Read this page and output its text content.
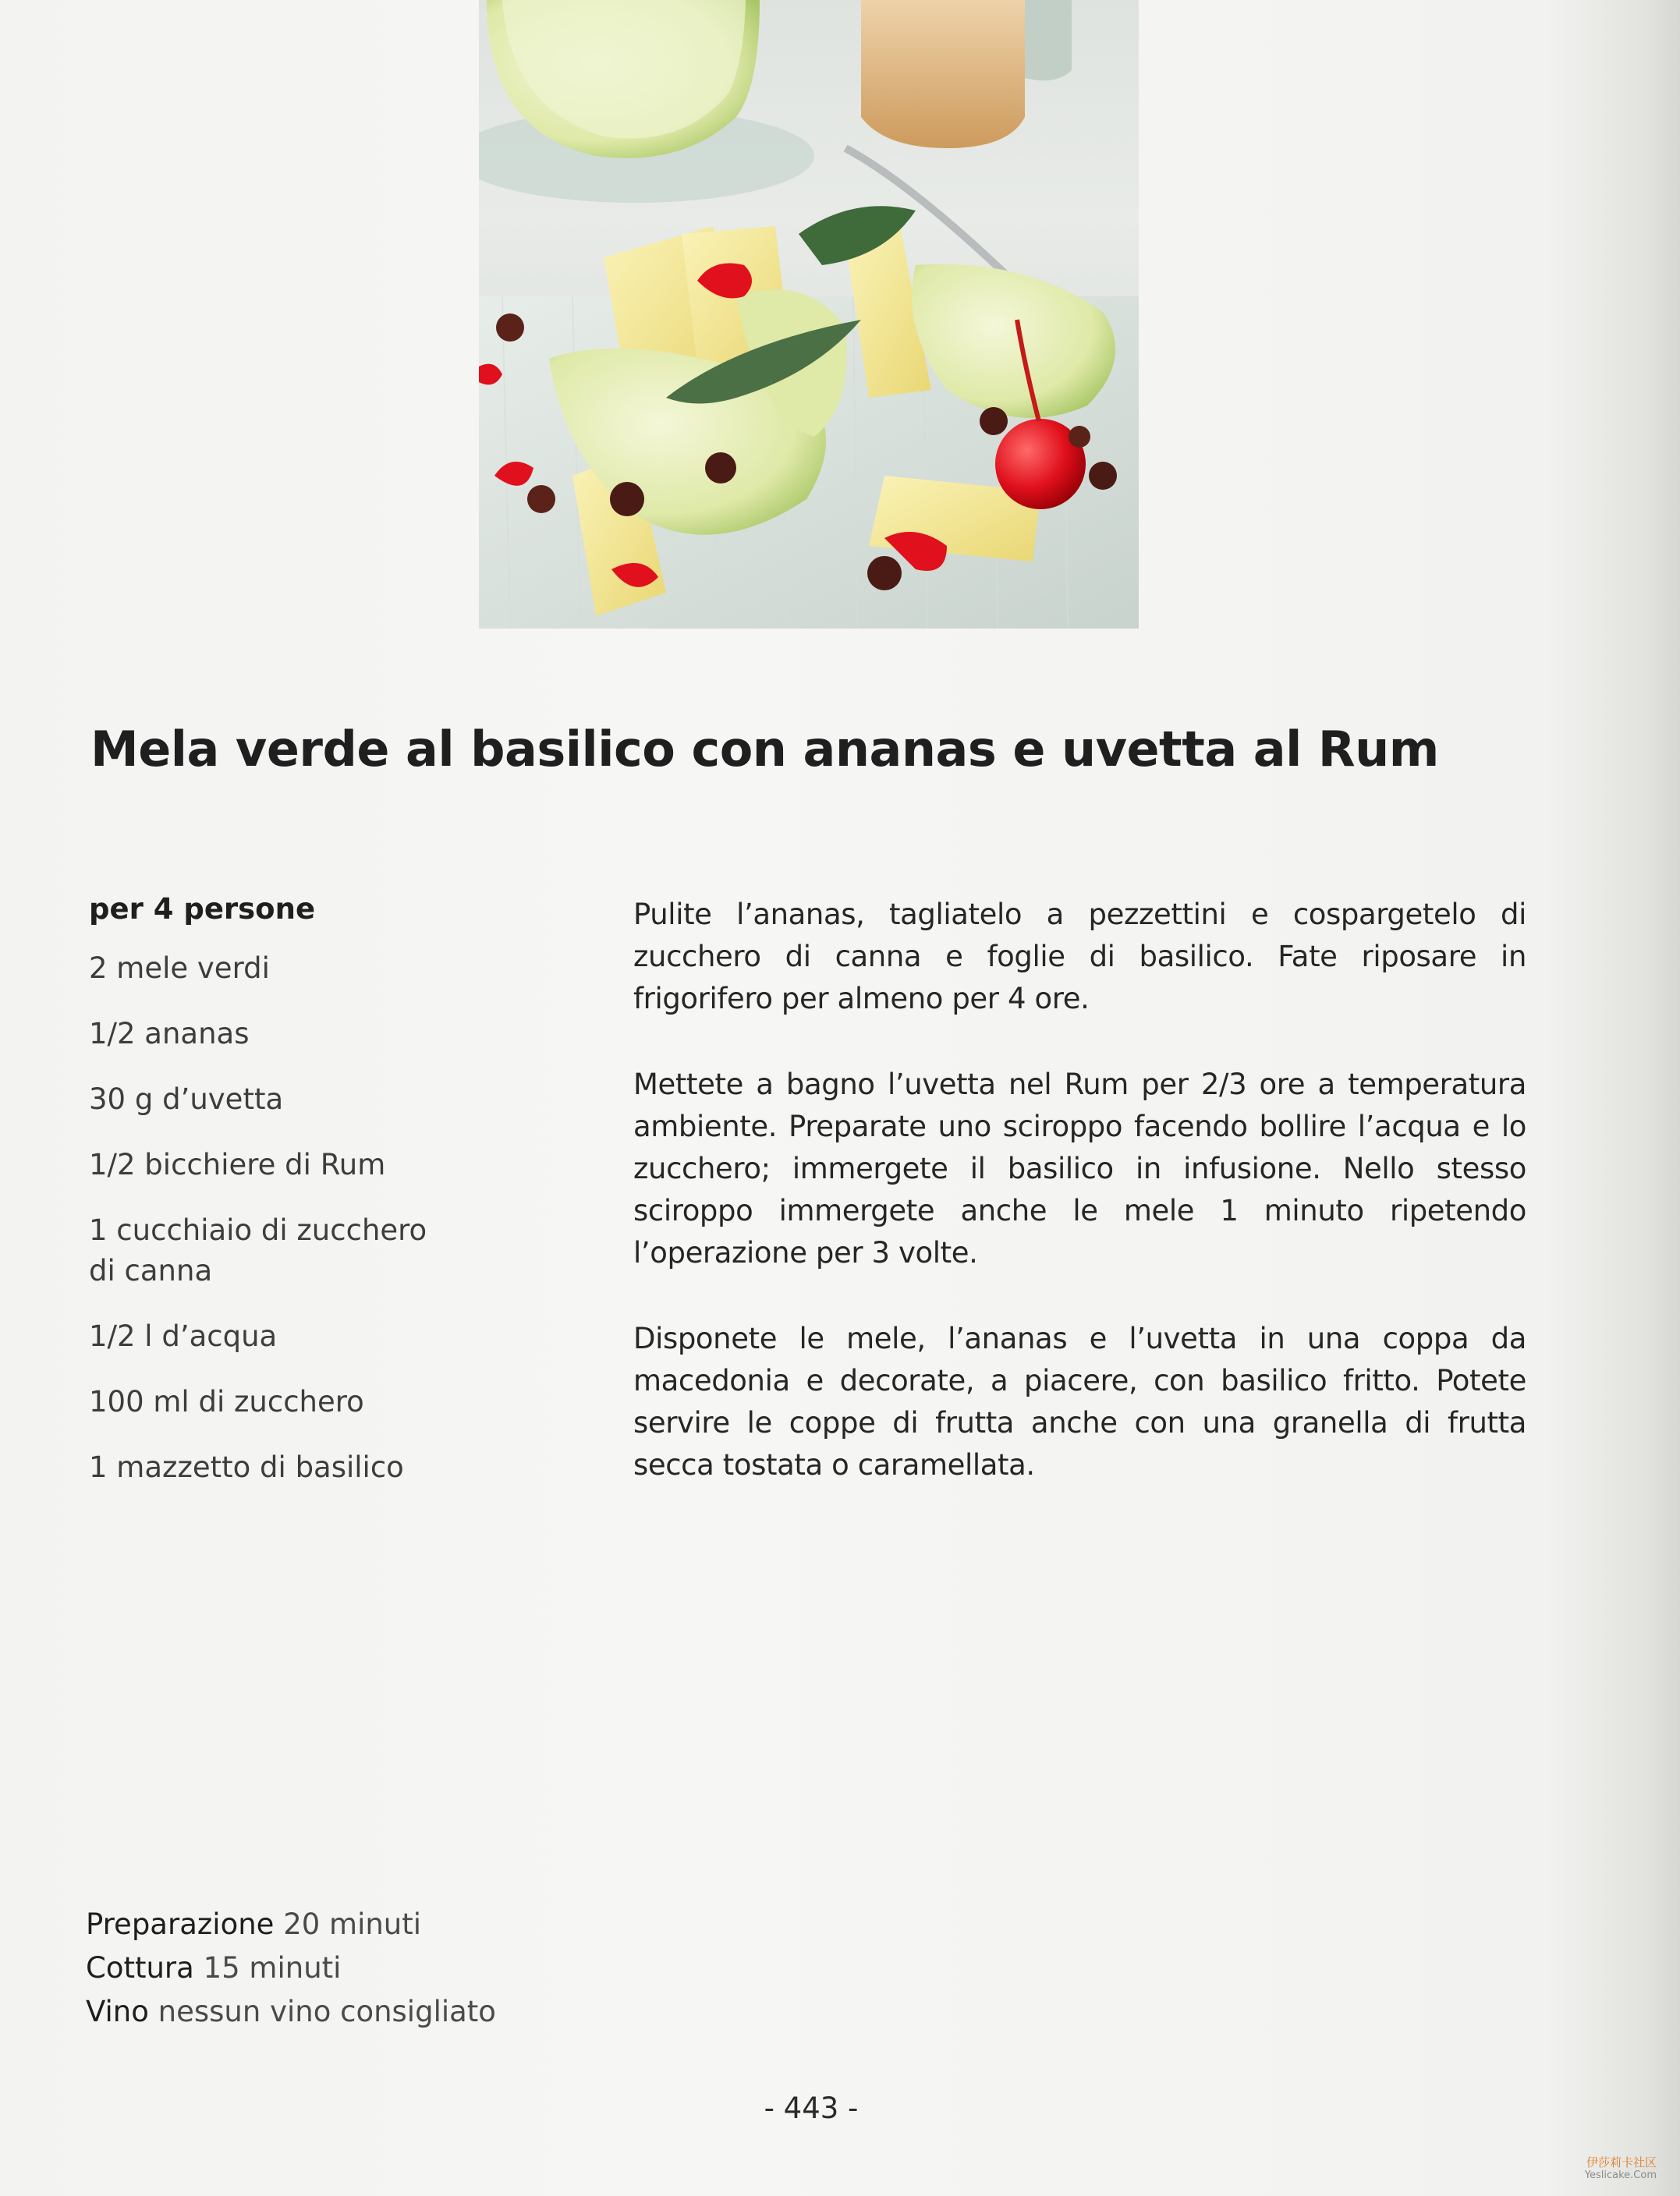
Mela verde al basilico con ananas e uvetta al Rum
per 4 persone
2 mele verdi
1/2 ananas
30 g d’uvetta
1/2 bicchiere di Rum
1 cucchiaio di zucchero di canna
1/2 l d’acqua
100 ml di zucchero
1 mazzetto di basilico

Pulite l’ananas, tagliatelo a pezzettini e cospargetelo di zucchero di canna e foglie di basilico. Fate riposare in frigorifero per almeno per 4 ore.

Mettete a bagno l’uvetta nel Rum per 2/3 ore a temperatura ambiente. Preparate uno sciroppo facendo bollire l’acqua e lo zucchero; immergete il basilico in infusione. Nello stesso sciroppo immergete anche le mele 1 minuto ripetendo l’operazione per 3 volte.

Disponete le mele, l’ananas e l’uvetta in una coppa da macedonia e decorate, a piacere, con basilico fritto. Potete servire le coppe di frutta anche con una granella di frutta secca tostata o caramellata.

Preparazione 20 minuti
Cottura 15 minuti
Vino nessun vino consigliato
- 443 -
伊莎莉卡社区
Yeslicake.Com
